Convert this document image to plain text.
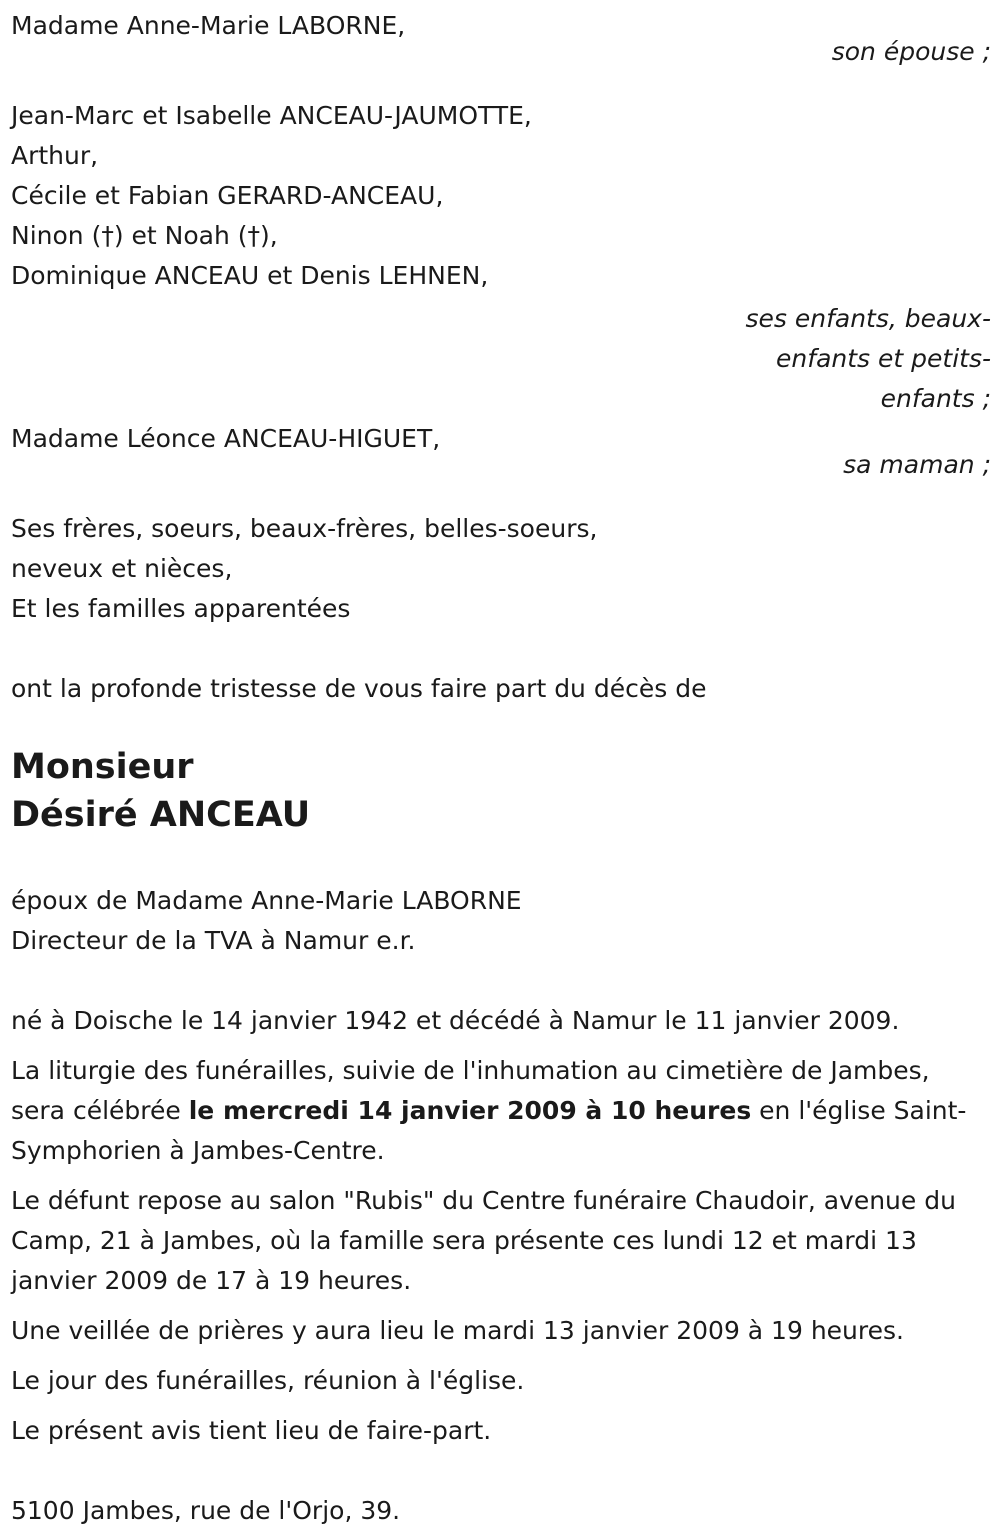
Madame Anne-Marie LABORNE,
son épouse ;
Jean-Marc et Isabelle ANCEAU-JAUMOTTE,
Arthur,
Cécile et Fabian GERARD-ANCEAU,
Ninon (†) et Noah (†),
Dominique ANCEAU et Denis LEHNEN,
ses enfants, beaux-
enfants et petits-
enfants ;
Madame Léonce ANCEAU-HIGUET,
sa maman ;
Ses frères, soeurs, beaux-frères, belles-soeurs,
neveux et nièces,
Et les familles apparentées
ont la profonde tristesse de vous faire part du décès de
Monsieur
Désiré ANCEAU
époux de Madame Anne-Marie LABORNE
Directeur de la TVA à Namur e.r.
né à Doische le 14 janvier 1942 et décédé à Namur le 11 janvier 2009.
La liturgie des funérailles, suivie de l'inhumation au cimetière de Jambes, sera célébrée le mercredi 14 janvier 2009 à 10 heures en l'église Saint-Symphorien à Jambes-Centre.
Le défunt repose au salon "Rubis" du Centre funéraire Chaudoir, avenue du Camp, 21 à Jambes, où la famille sera présente ces lundi 12 et mardi 13 janvier 2009 de 17 à 19 heures.
Une veillée de prières y aura lieu le mardi 13 janvier 2009 à 19 heures.
Le jour des funérailles, réunion à l'église.
Le présent avis tient lieu de faire-part.
5100 Jambes, rue de l'Orjo, 39.
